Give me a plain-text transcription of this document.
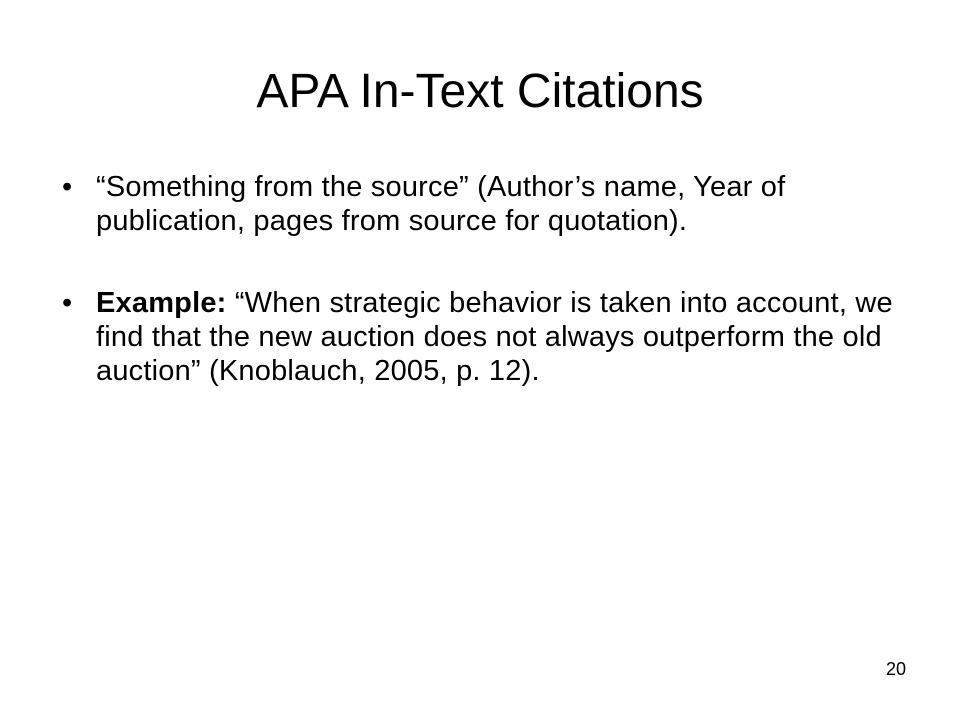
APA In-Text Citations
• “Something from the source” (Author’s name, Year of publication, pages from source for quotation).
• Example: “When strategic behavior is taken into account, we find that the new auction does not always outperform the old auction” (Knoblauch, 2005, p. 12).
20
